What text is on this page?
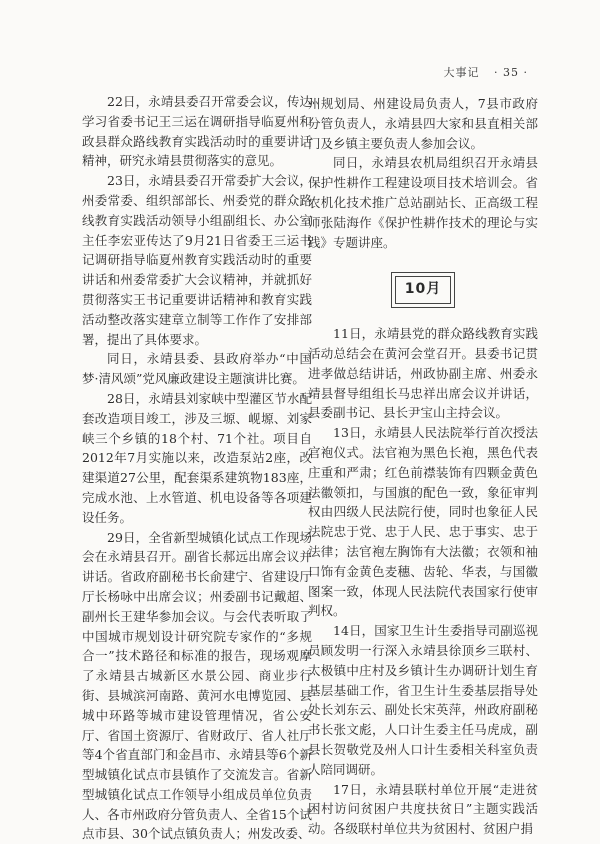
大事记 · 35 ·

22日，永靖县委召开常委会议，传达学习省委书记王三运在调研指导临夏州和政县群众路线教育实践活动时的重要讲话精神，研究永靖县贯彻落实的意见。

23日，永靖县委召开常委扩大会议，州委常委、组织部部长、州委党的群众路线教育实践活动领导小组副组长、办公室主任李宏亚传达了9月21日省委王三运书记调研指导临夏州教育实践活动时的重要讲话和州委常委扩大会议精神，并就抓好贯彻落实王书记重要讲话精神和教育实践活动整改落实建章立制等工作作了安排部署，提出了具体要求。

同日，永靖县委、县政府举办“中国梦·清风颂”党风廉政建设主题演讲比赛。

28日，永靖县刘家峡中型灌区节水配套改造项目竣工，涉及三塬、岘塬、刘家峡三个乡镇的18个村、71个社。项目自2012年7月实施以来，改造泵站2座，改建渠道27公里，配套渠系建筑物183座，完成水池、上水管道、机电设备等各项建设任务。

29日，全省新型城镇化试点工作现场会在永靖县召开。副省长郝远出席会议并讲话。省政府副秘书长俞建宁、省建设厅厅长杨咏中出席会议；州委副书记戴超、副州长王建华参加会议。与会代表听取了中国城市规划设计研究院专家作的“多规合一”技术路径和标准的报告，现场观摩了永靖县古城新区水景公园、商业步行街、县城滨河南路、黄河水电博览园、县城中环路等城市建设管理情况，省公安厅、省国土资源厅、省财政厅、省人社厅等4个省直部门和金昌市、永靖县等6个新型城镇化试点市县镇作了交流发言。省新型城镇化试点工作领导小组成员单位负责人、各市州政府分管负责人、全省15个试点市县、30个试点镇负责人；州发改委、

州规划局、州建设局负责人，7县市政府分管负责人，永靖县四大家和县直相关部门及乡镇主要负责人参加会议。

同日，永靖县农机局组织召开永靖县保护性耕作工程建设项目技术培训会。省农机化技术推广总站副站长、正高级工程师张陆海作《保护性耕作技术的理论与实践》专题讲座。

10月

11日，永靖县党的群众路线教育实践活动总结会在黄河会堂召开。县委书记贯进孝做总结讲话，州政协副主席、州委永靖县督导组组长马忠祥出席会议并讲话，县委副书记、县长尹宝山主持会议。

13日，永靖县人民法院举行首次授法官袍仪式。法官袍为黑色长袍，黑色代表庄重和严肃；红色前襟装饰有四颗金黄色法徽领扣，与国旗的配色一致，象征审判权由四级人民法院行使，同时也象征人民法院忠于党、忠于人民、忠于事实、忠于法律；法官袍左胸饰有大法徽；衣领和袖口饰有金黄色麦穗、齿轮、华表，与国徽图案一致，体现人民法院代表国家行使审判权。

14日，国家卫生计生委指导司副巡视员顾发明一行深入永靖县徐顶乡三联村、太极镇中庄村及乡镇计生办调研计划生育基层基础工作，省卫生计生委基层指导处处长刘东云、副处长宋英萍，州政府副秘书长张文彪，人口计生委主任马虎成，副县长贺敬党及州人口计生委相关科室负责人陪同调研。

17日，永靖县联村单位开展“走进贫困村访问贫困户共度扶贫日”主题实践活动。各级联村单位共为贫困村、贫困户捐
